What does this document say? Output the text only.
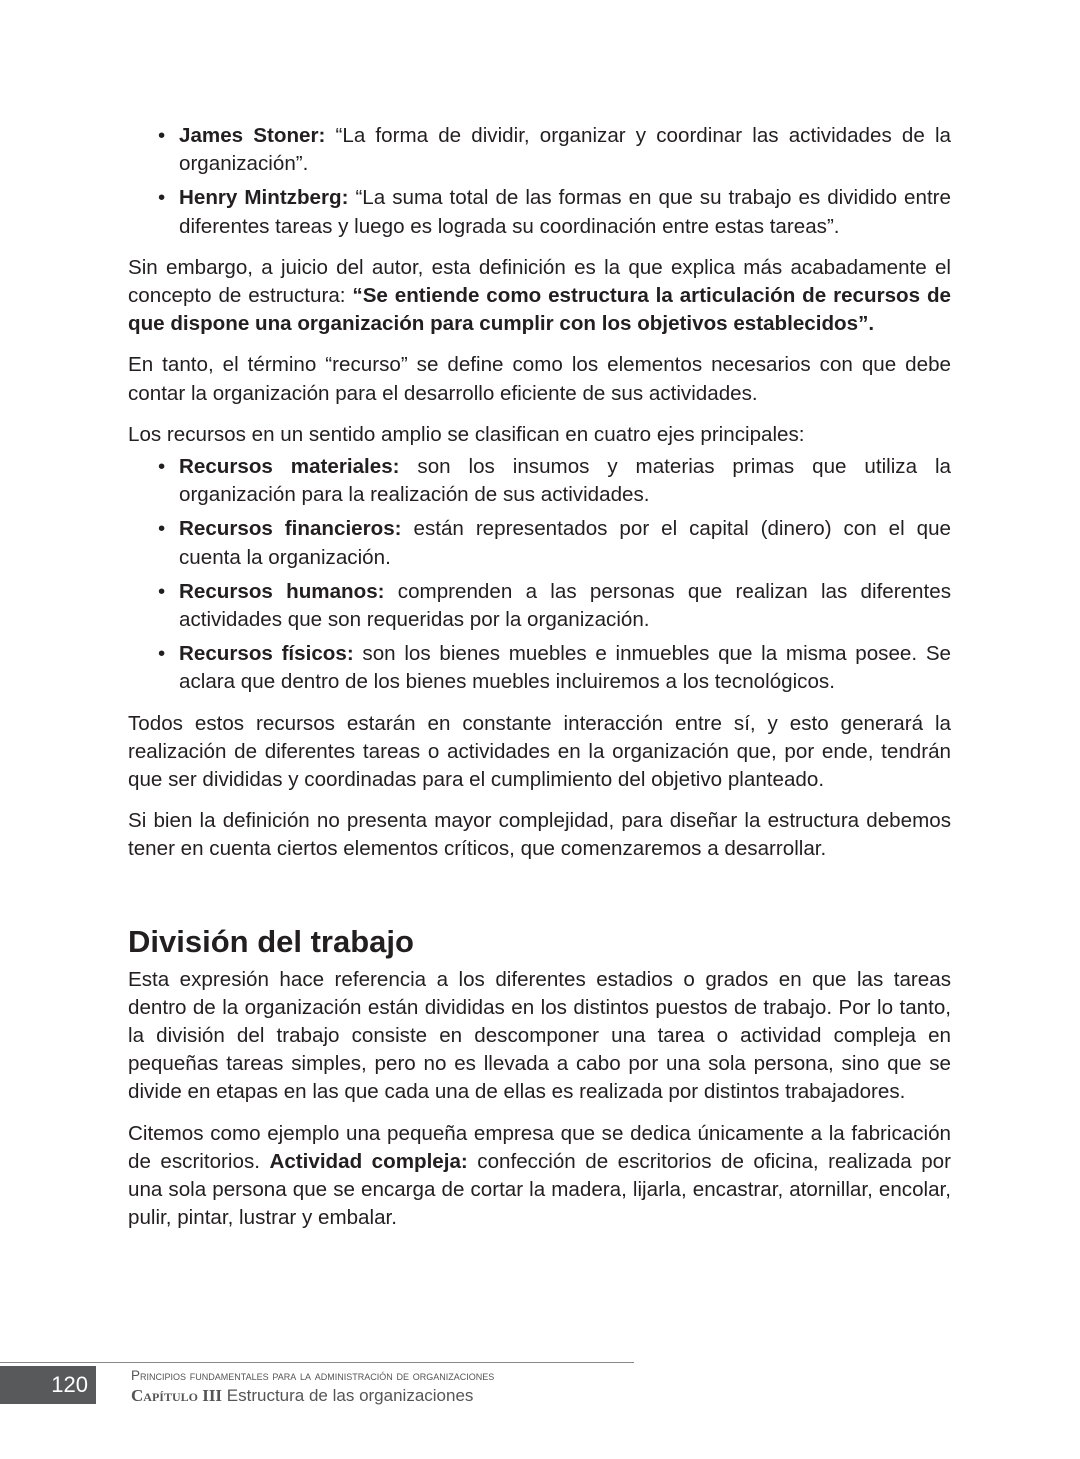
• James Stoner: “La forma de dividir, organizar y coordinar las actividades de la organización”.
• Henry Mintzberg: “La suma total de las formas en que su trabajo es dividido entre diferentes tareas y luego es lograda su coordinación entre estas tareas”.

Sin embargo, a juicio del autor, esta definición es la que explica más acabadamente el concepto de estructura: “Se entiende como estructura la articulación de recursos de que dispone una organización para cumplir con los objetivos establecidos”.

En tanto, el término “recurso” se define como los elementos necesarios con que debe contar la organización para el desarrollo eficiente de sus actividades.

Los recursos en un sentido amplio se clasifican en cuatro ejes principales:

• Recursos materiales: son los insumos y materias primas que utiliza la organización para la realización de sus actividades.
• Recursos financieros: están representados por el capital (dinero) con el que cuenta la organización.
• Recursos humanos: comprenden a las personas que realizan las diferentes actividades que son requeridas por la organización.
• Recursos físicos: son los bienes muebles e inmuebles que la misma posee. Se aclara que dentro de los bienes muebles incluiremos a los tecnológicos.

Todos estos recursos estarán en constante interacción entre sí, y esto generará la realización de diferentes tareas o actividades en la organización que, por ende, tendrán que ser divididas y coordinadas para el cumplimiento del objetivo planteado.

Si bien la definición no presenta mayor complejidad, para diseñar la estructura debemos tener en cuenta ciertos elementos críticos, que comenzaremos a desarrollar.

División del trabajo

Esta expresión hace referencia a los diferentes estadios o grados en que las tareas dentro de la organización están divididas en los distintos puestos de trabajo. Por lo tanto, la división del trabajo consiste en descomponer una tarea o actividad compleja en pequeñas tareas simples, pero no es llevada a cabo por una sola persona, sino que se divide en etapas en las que cada una de ellas es realizada por distintos trabajadores.

Citemos como ejemplo una pequeña empresa que se dedica únicamente a la fabricación de escritorios. Actividad compleja: confección de escritorios de oficina, realizada por una sola persona que se encarga de cortar la madera, lijarla, encastrar, atornillar, encolar, pulir, pintar, lustrar y embalar.

120	Principios fundamentales para la administración de organizaciones
Capítulo III Estructura de las organizaciones
